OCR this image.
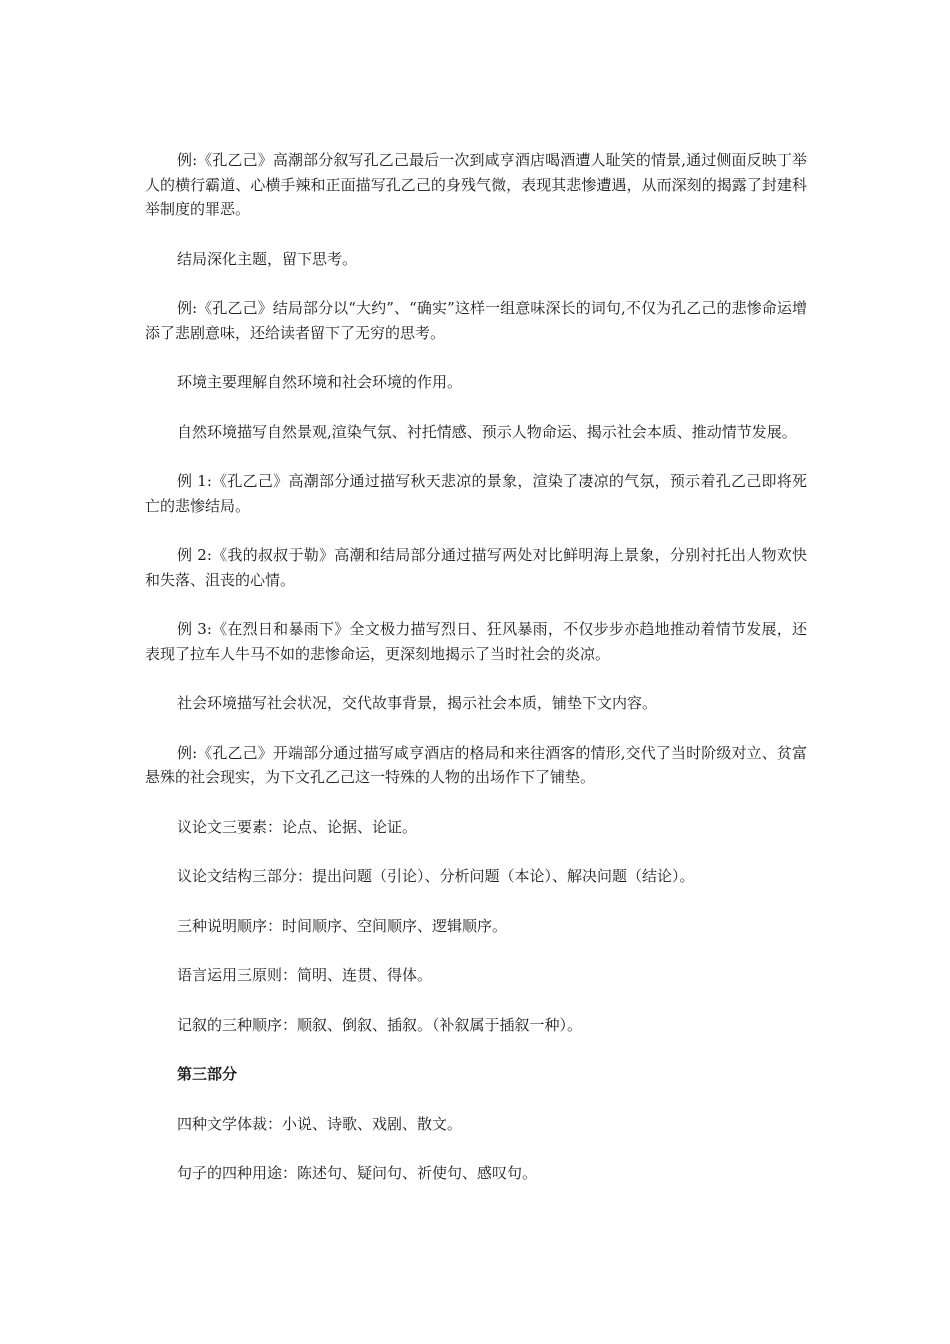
例:《孔乙己》高潮部分叙写孔乙己最后一次到咸亨酒店喝酒遭人耻笑的情景,通过侧面反映丁举人的横行霸道、心横手辣和正面描写孔乙己的身残气微，表现其悲惨遭遇，从而深刻的揭露了封建科举制度的罪恶。

结局深化主题，留下思考。

例:《孔乙己》结局部分以“大约”、“确实”这样一组意味深长的词句,不仅为孔乙己的悲惨命运增添了悲剧意味，还给读者留下了无穷的思考。

环境主要理解自然环境和社会环境的作用。

自然环境描写自然景观,渲染气氛、衬托情感、预示人物命运、揭示社会本质、推动情节发展。

例 1:《孔乙己》高潮部分通过描写秋天悲凉的景象，渲染了凄凉的气氛，预示着孔乙己即将死亡的悲惨结局。

例 2:《我的叔叔于勒》高潮和结局部分通过描写两处对比鲜明海上景象，分别衬托出人物欢快和失落、沮丧的心情。

例 3:《在烈日和暴雨下》全文极力描写烈日、狂风暴雨，不仅步步亦趋地推动着情节发展，还表现了拉车人牛马不如的悲惨命运，更深刻地揭示了当时社会的炎凉。

社会环境描写社会状况，交代故事背景，揭示社会本质，铺垫下文内容。

例:《孔乙己》开端部分通过描写咸亨酒店的格局和来往酒客的情形,交代了当时阶级对立、贫富悬殊的社会现实，为下文孔乙己这一特殊的人物的出场作下了铺垫。

议论文三要素：论点、论据、论证。

议论文结构三部分：提出问题（引论）、分析问题（本论）、解决问题（结论）。

三种说明顺序：时间顺序、空间顺序、逻辑顺序。

语言运用三原则：简明、连贯、得体。

记叙的三种顺序：顺叙、倒叙、插叙。（补叙属于插叙一种）。

第三部分

四种文学体裁：小说、诗歌、戏剧、散文。

句子的四种用途：陈述句、疑问句、祈使句、感叹句。
